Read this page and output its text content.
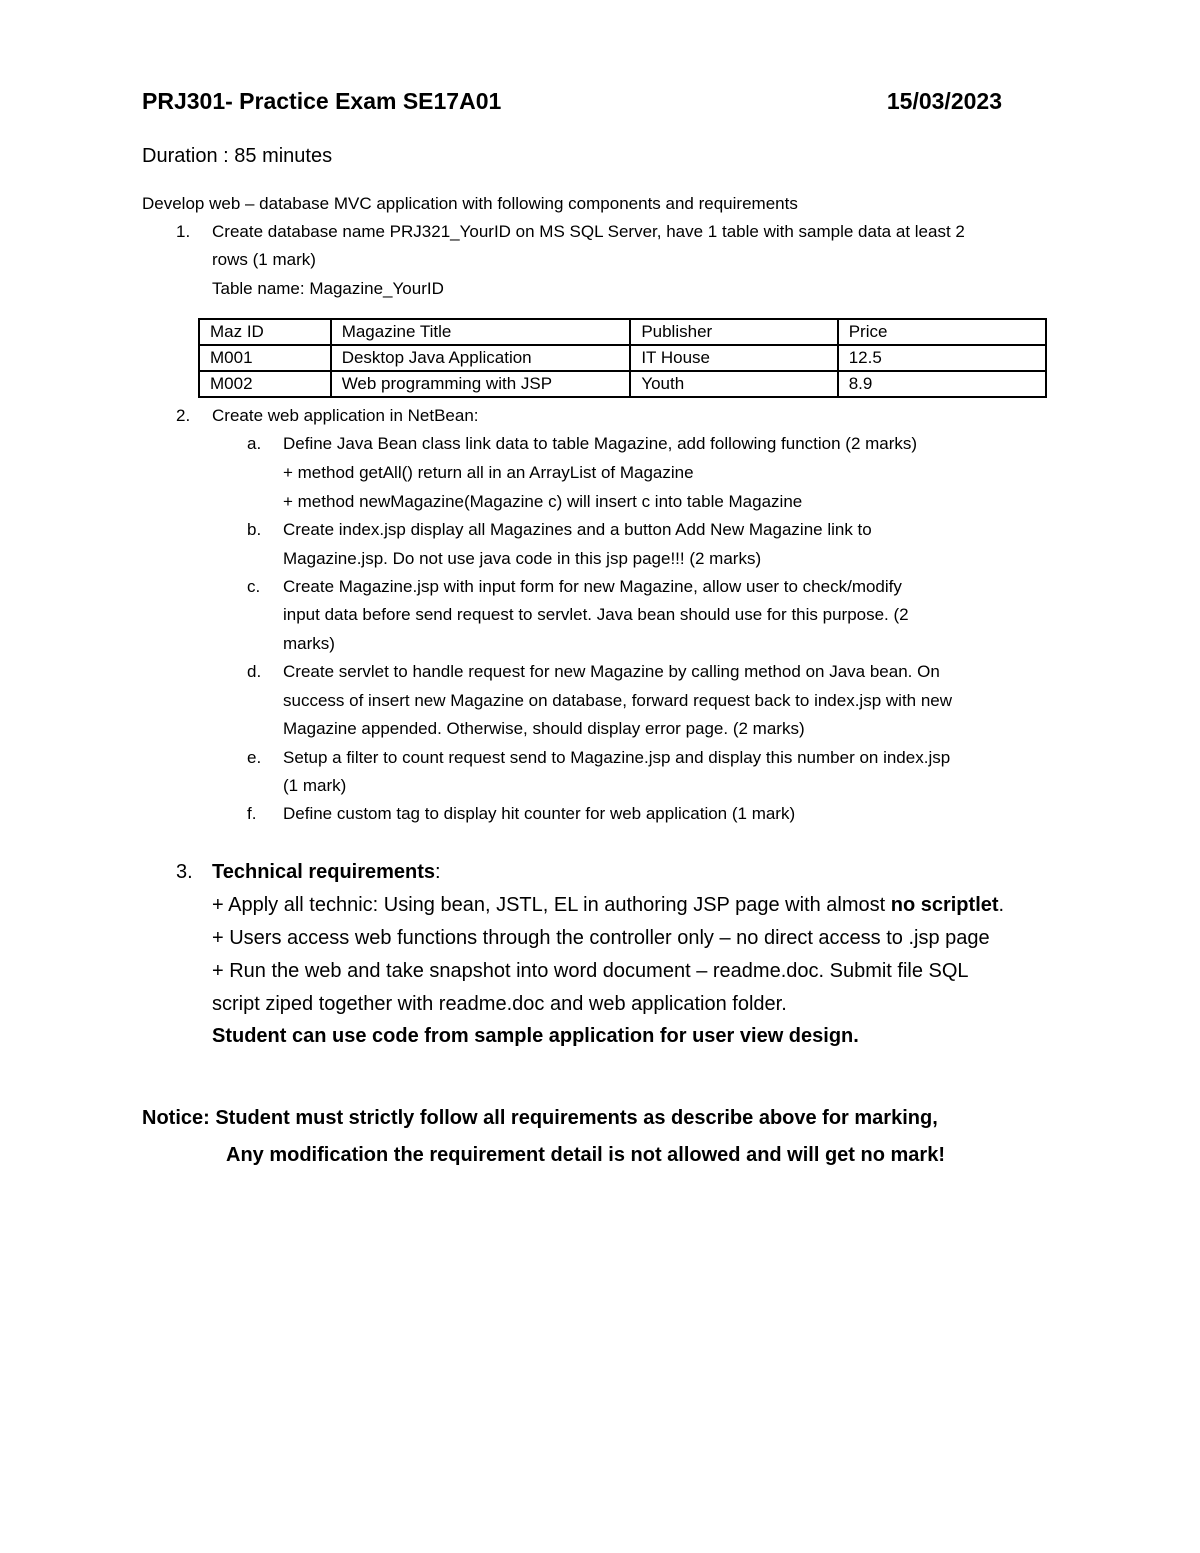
PRJ301- Practice Exam SE17A01	15/03/2023
Duration : 85 minutes
Develop web – database MVC application with following components and requirements
1. Create database name PRJ321_YourID on MS SQL Server, have 1 table with sample data at least 2
rows (1 mark)
Table name: Magazine_YourID
Maz ID	Magazine Title	Publisher	Price
M001	Desktop Java Application	IT House	12.5
M002	Web programming with JSP	Youth	8.9
2. Create web application in NetBean:
a. Define Java Bean class link data to table Magazine, add following function (2 marks)
+ method getAll() return all in an ArrayList of Magazine
+ method newMagazine(Magazine c) will insert c into table Magazine
b. Create index.jsp display all Magazines and a button Add New Magazine link to
Magazine.jsp. Do not use java code in this jsp page!!! (2 marks)
c. Create Magazine.jsp with input form for new Magazine, allow user to check/modify
input data before send request to servlet. Java bean should use for this purpose. (2
marks)
d. Create servlet to handle request for new Magazine by calling method on Java bean. On
success of insert new Magazine on database, forward request back to index.jsp with new
Magazine appended. Otherwise, should display error page. (2 marks)
e. Setup a filter to count request send to Magazine.jsp and display this number on index.jsp
(1 mark)
f. Define custom tag to display hit counter for web application (1 mark)
3. Technical requirements:
+ Apply all technic: Using bean, JSTL, EL in authoring JSP page with almost no scriptlet.
+ Users access web functions through the controller only – no direct access to .jsp page
+ Run the web and take snapshot into word document – readme.doc. Submit file SQL
script ziped together with readme.doc and web application folder.
Student can use code from sample application for user view design.
Notice: Student must strictly follow all requirements as describe above for marking,
Any modification the requirement detail is not allowed and will get no mark!
